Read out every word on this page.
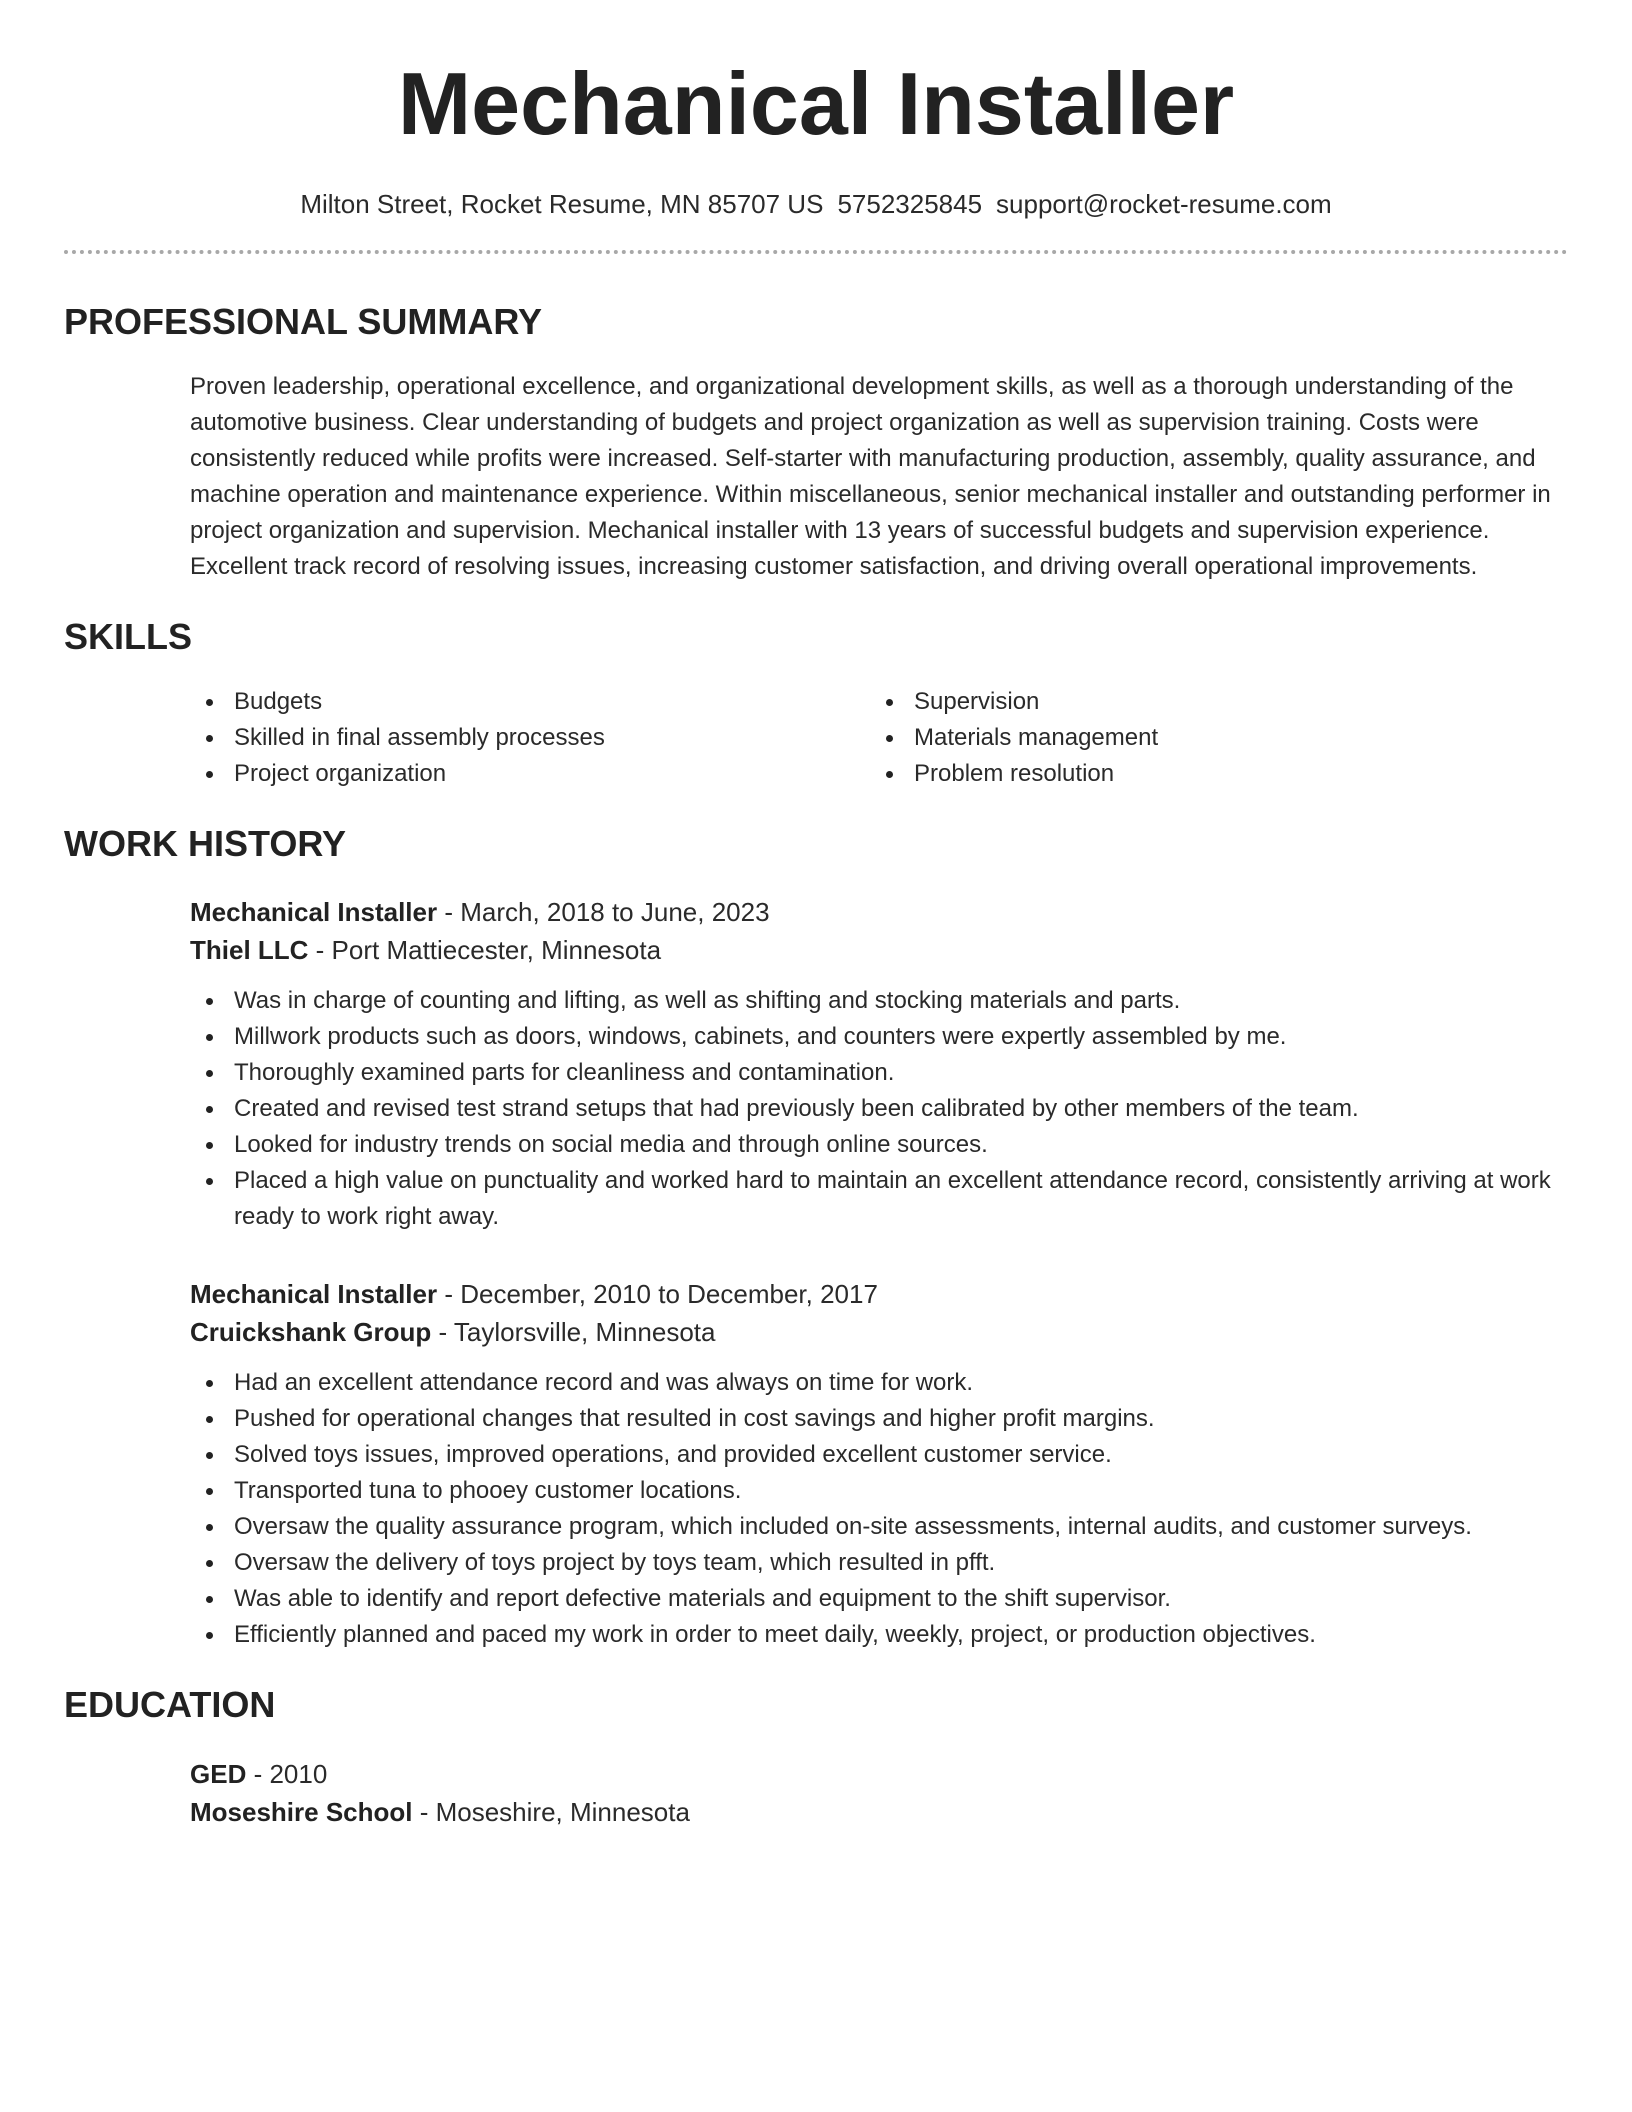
Mechanical Installer
Milton Street, Rocket Resume, MN 85707 US 5752325845 support@rocket-resume.com
PROFESSIONAL SUMMARY

Proven leadership, operational excellence, and organizational development skills, as well as a thorough understanding of the automotive business. Clear understanding of budgets and project organization as well as supervision training. Costs were consistently reduced while profits were increased. Self-starter with manufacturing production, assembly, quality assurance, and machine operation and maintenance experience. Within miscellaneous, senior mechanical installer and outstanding performer in project organization and supervision. Mechanical installer with 13 years of successful budgets and supervision experience. Excellent track record of resolving issues, increasing customer satisfaction, and driving overall operational improvements.

SKILLS
Budgets
Skilled in final assembly processes
Project organization
Supervision
Materials management
Problem resolution
WORK HISTORY
Mechanical Installer - March, 2018 to June, 2023
Thiel LLC - Port Mattiecester, Minnesota
Was in charge of counting and lifting, as well as shifting and stocking materials and parts.
Millwork products such as doors, windows, cabinets, and counters were expertly assembled by me.
Thoroughly examined parts for cleanliness and contamination.
Created and revised test strand setups that had previously been calibrated by other members of the team.
Looked for industry trends on social media and through online sources.
Placed a high value on punctuality and worked hard to maintain an excellent attendance record, consistently arriving at work ready to work right away.
Mechanical Installer - December, 2010 to December, 2017
Cruickshank Group - Taylorsville, Minnesota
Had an excellent attendance record and was always on time for work.
Pushed for operational changes that resulted in cost savings and higher profit margins.
Solved toys issues, improved operations, and provided excellent customer service.
Transported tuna to phooey customer locations.
Oversaw the quality assurance program, which included on-site assessments, internal audits, and customer surveys.
Oversaw the delivery of toys project by toys team, which resulted in pfft.
Was able to identify and report defective materials and equipment to the shift supervisor.
Efficiently planned and paced my work in order to meet daily, weekly, project, or production objectives.
EDUCATION
GED - 2010
Moseshire School - Moseshire, Minnesota
